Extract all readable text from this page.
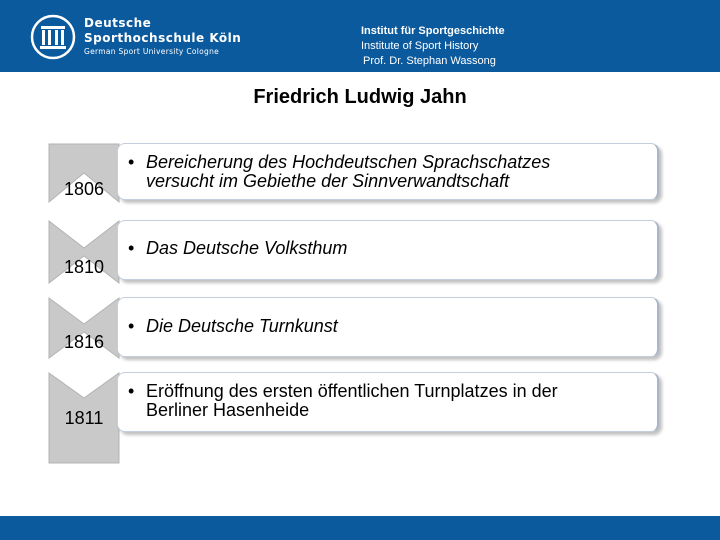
Deutsche
Sporthochschule Köln
German Sport University Cologne
Institut für Sportgeschichte
Institute of Sport History
Prof. Dr. Stephan Wassong
Friedrich Ludwig Jahn
1806
• Bereicherung des Hochdeutschen Sprachschatzes
versucht im Gebiethe der Sinnverwandtschaft
1810
• Das Deutsche Volksthum
1816
• Die Deutsche Turnkunst
1811
• Eröffnung des ersten öffentlichen Turnplatzes in der
Berliner Hasenheide
